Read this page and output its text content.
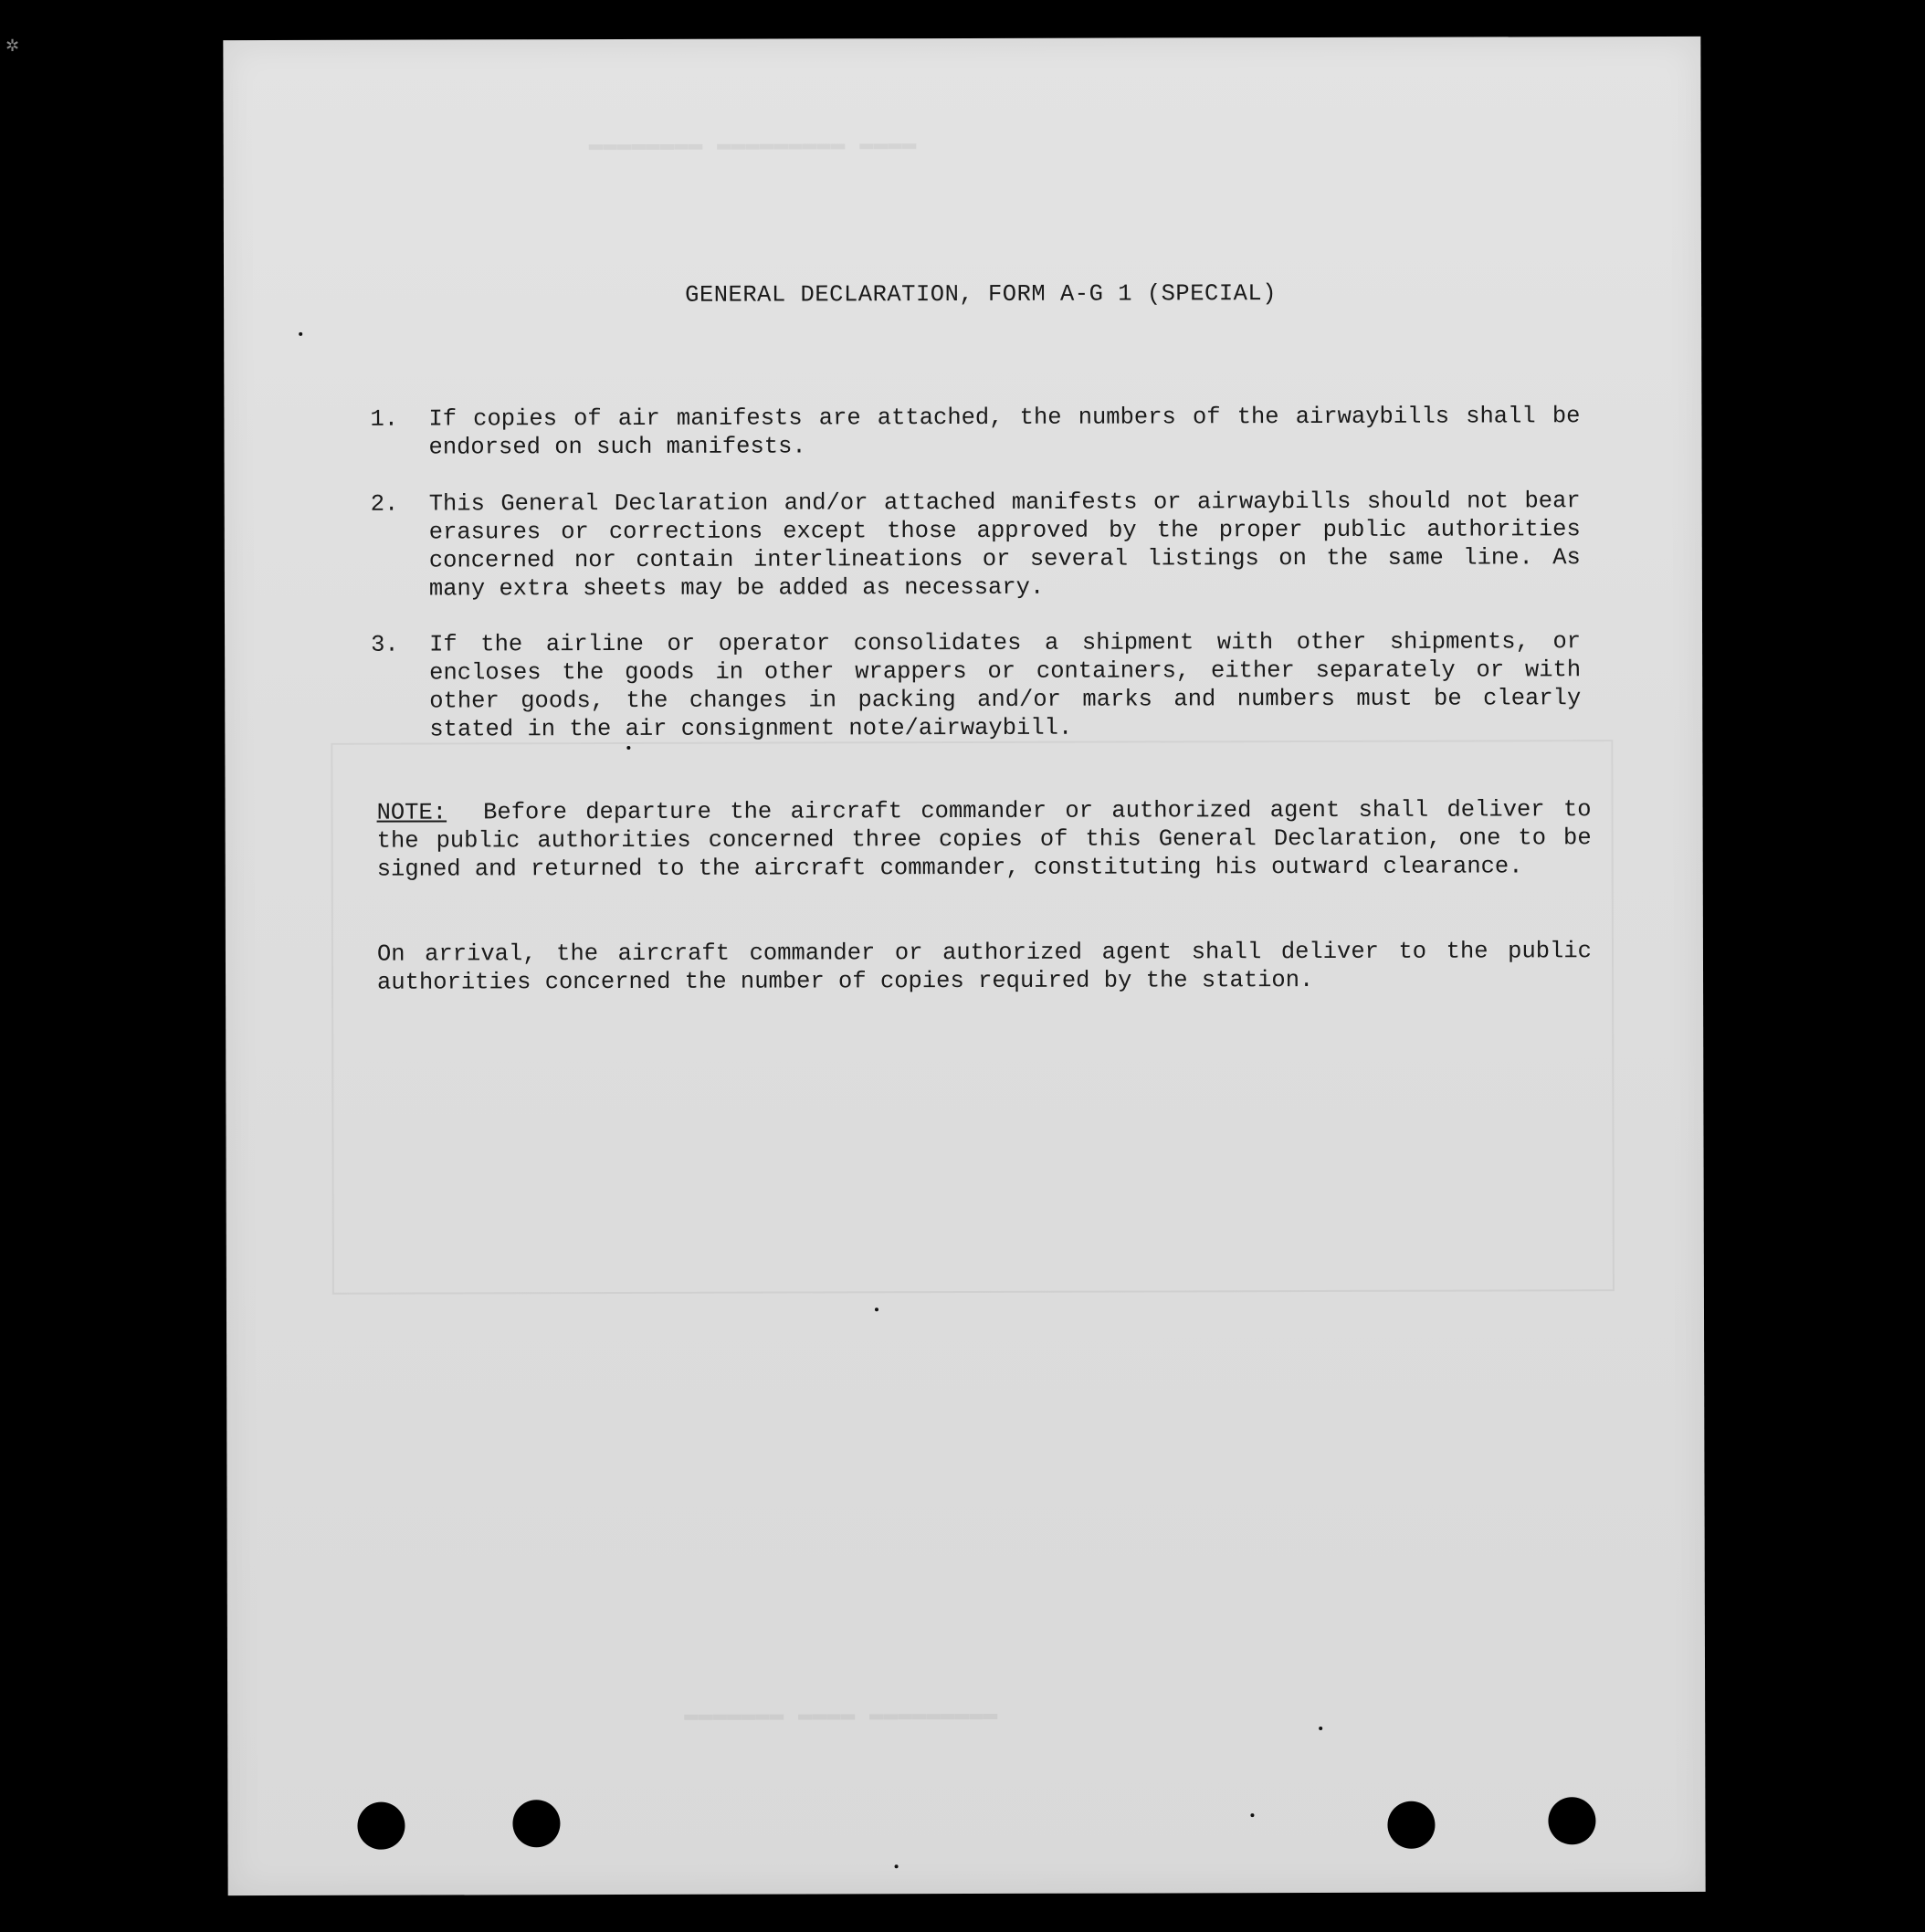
✲
▬▬▬▬ ▬▬▬▬▬▬▬▬▬ ▬▬▬▬▬▬▬▬
▬▬▬▬▬▬▬▬▬ ▬▬▬▬ ▬▬▬▬▬▬▬
GENERAL DECLARATION, FORM A-G 1 (SPECIAL)
1.	If copies of air manifests are attached, the numbers of the airwaybills shall be endorsed on such manifests.
2.	This General Declaration and/or attached manifests or airwaybills should not bear erasures or corrections except those approved by the proper public authorities concerned nor contain interlineations or several listings on the same line. As many extra sheets may be added as necessary.
3.	If the airline or operator consolidates a shipment with other shipments, or encloses the goods in other wrappers or containers, either separately or with other goods, the changes in packing and/or marks and numbers must be clearly stated in the air consignment note/airwaybill.
NOTE: Before departure the aircraft commander or authorized agent shall deliver to the public authorities concerned three copies of this General Declaration, one to be signed and returned to the aircraft commander, constituting his outward clearance.
On arrival, the aircraft commander or authorized agent shall deliver to the public authorities concerned the number of copies required by the station.
